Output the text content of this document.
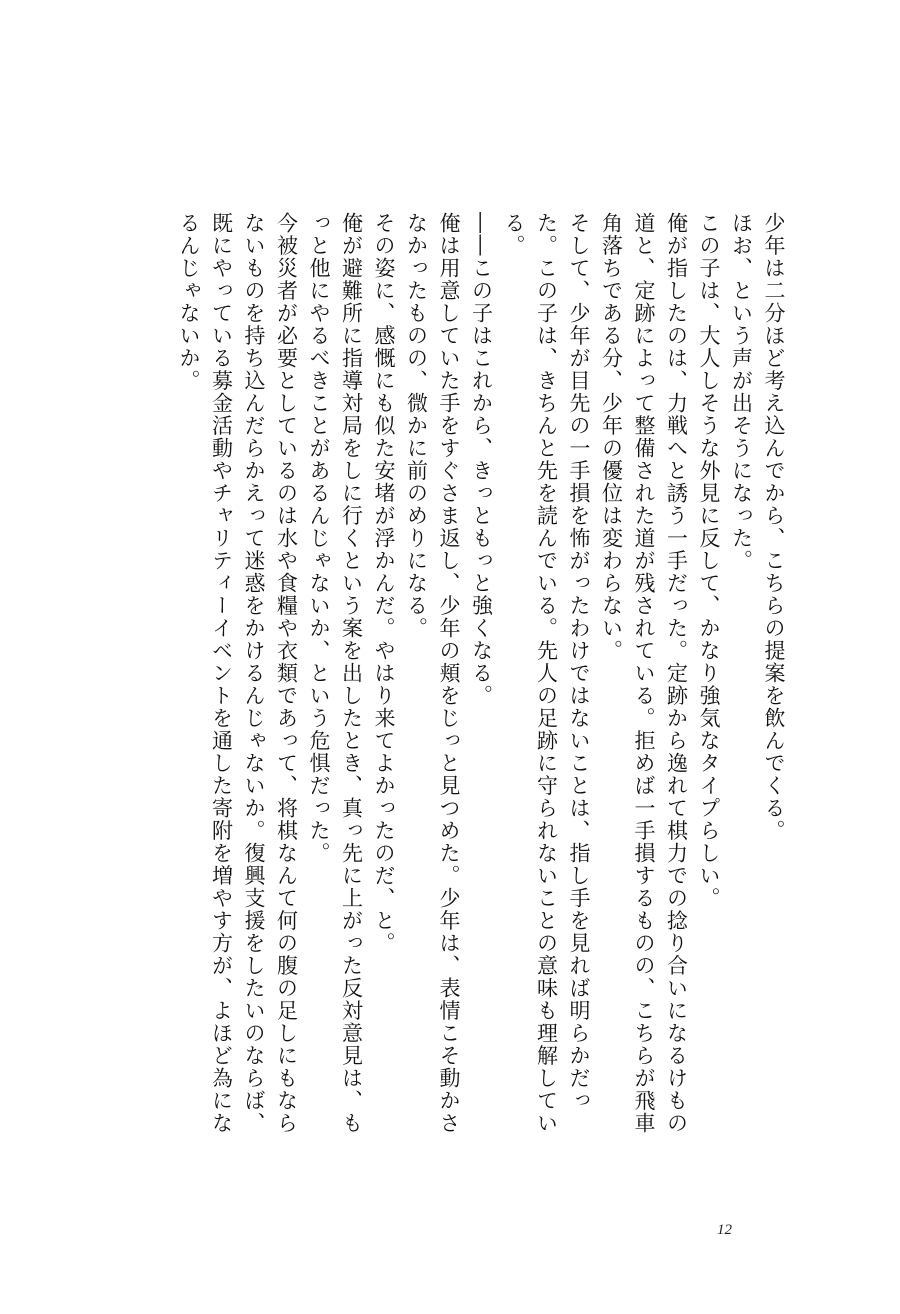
少年は二分ほど考え込んでから、こちらの提案を飲んでくる。

ほお、という声が出そうになった。

この子は、大人しそうな外見に反して、かなり強気なタイプらしい。

俺が指したのは、力戦へと誘う一手だった。定跡から逸れて棋力での捻り合いになるけもの道と、定跡によって整備された道が残されている。拒めば一手損するものの、こちらが飛車角落ちである分、少年の優位は変わらない。

そして、少年が目先の一手損を怖がったわけではないことは、指し手を見れば明らかだった。この子は、きちんと先を読んでいる。先人の足跡に守られないことの意味も理解している。

――この子はこれから、きっともっと強くなる。

俺は用意していた手をすぐさま返し、少年の頬をじっと見つめた。少年は、表情こそ動かさなかったものの、微かに前のめりになる。

その姿に、感慨にも似た安堵が浮かんだ。やはり来てよかったのだ、と。

俺が避難所に指導対局をしに行くという案を出したとき、真っ先に上がった反対意見は、もっと他にやるべきことがあるんじゃないか、という危惧だった。

今被災者が必要としているのは水や食糧や衣類であって、将棋なんて何の腹の足しにもならないものを持ち込んだらかえって迷惑をかけるんじゃないか。復興支援をしたいのならば、既にやっている募金活動やチャリティーイベントを通した寄附を増やす方が、よほど為になるんじゃないか。

12
